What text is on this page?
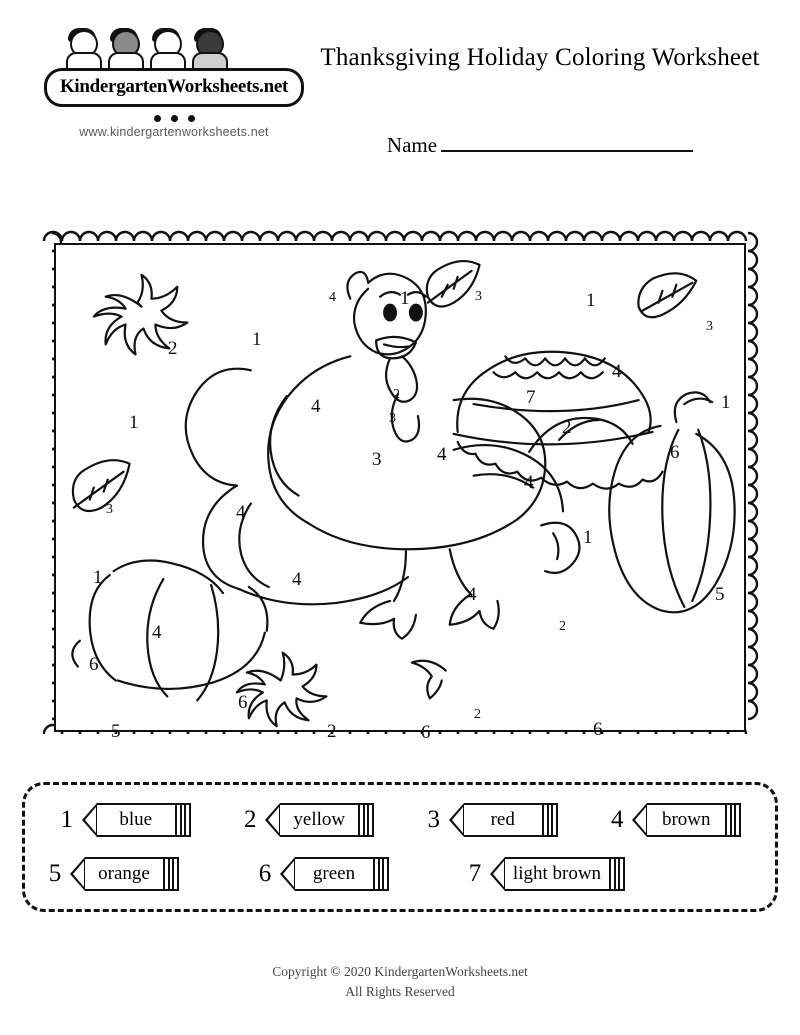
KindergartenWorksheets.net
www.kindergartenworksheets.net
Thanksgiving Holiday Coloring Worksheet
Name
2	1
4	1	3	1
3
1
4
2
4
7	1
3	2
3	4	6
3	4
4
1
1	4
4	5
4	2
6
6
2	6
2
6
5
1	blue	2	yellow	3	red	4	brown
5	orange	6	green	7	light brown
Copyright © 2020 KindergartenWorksheets.net
All Rights Reserved
